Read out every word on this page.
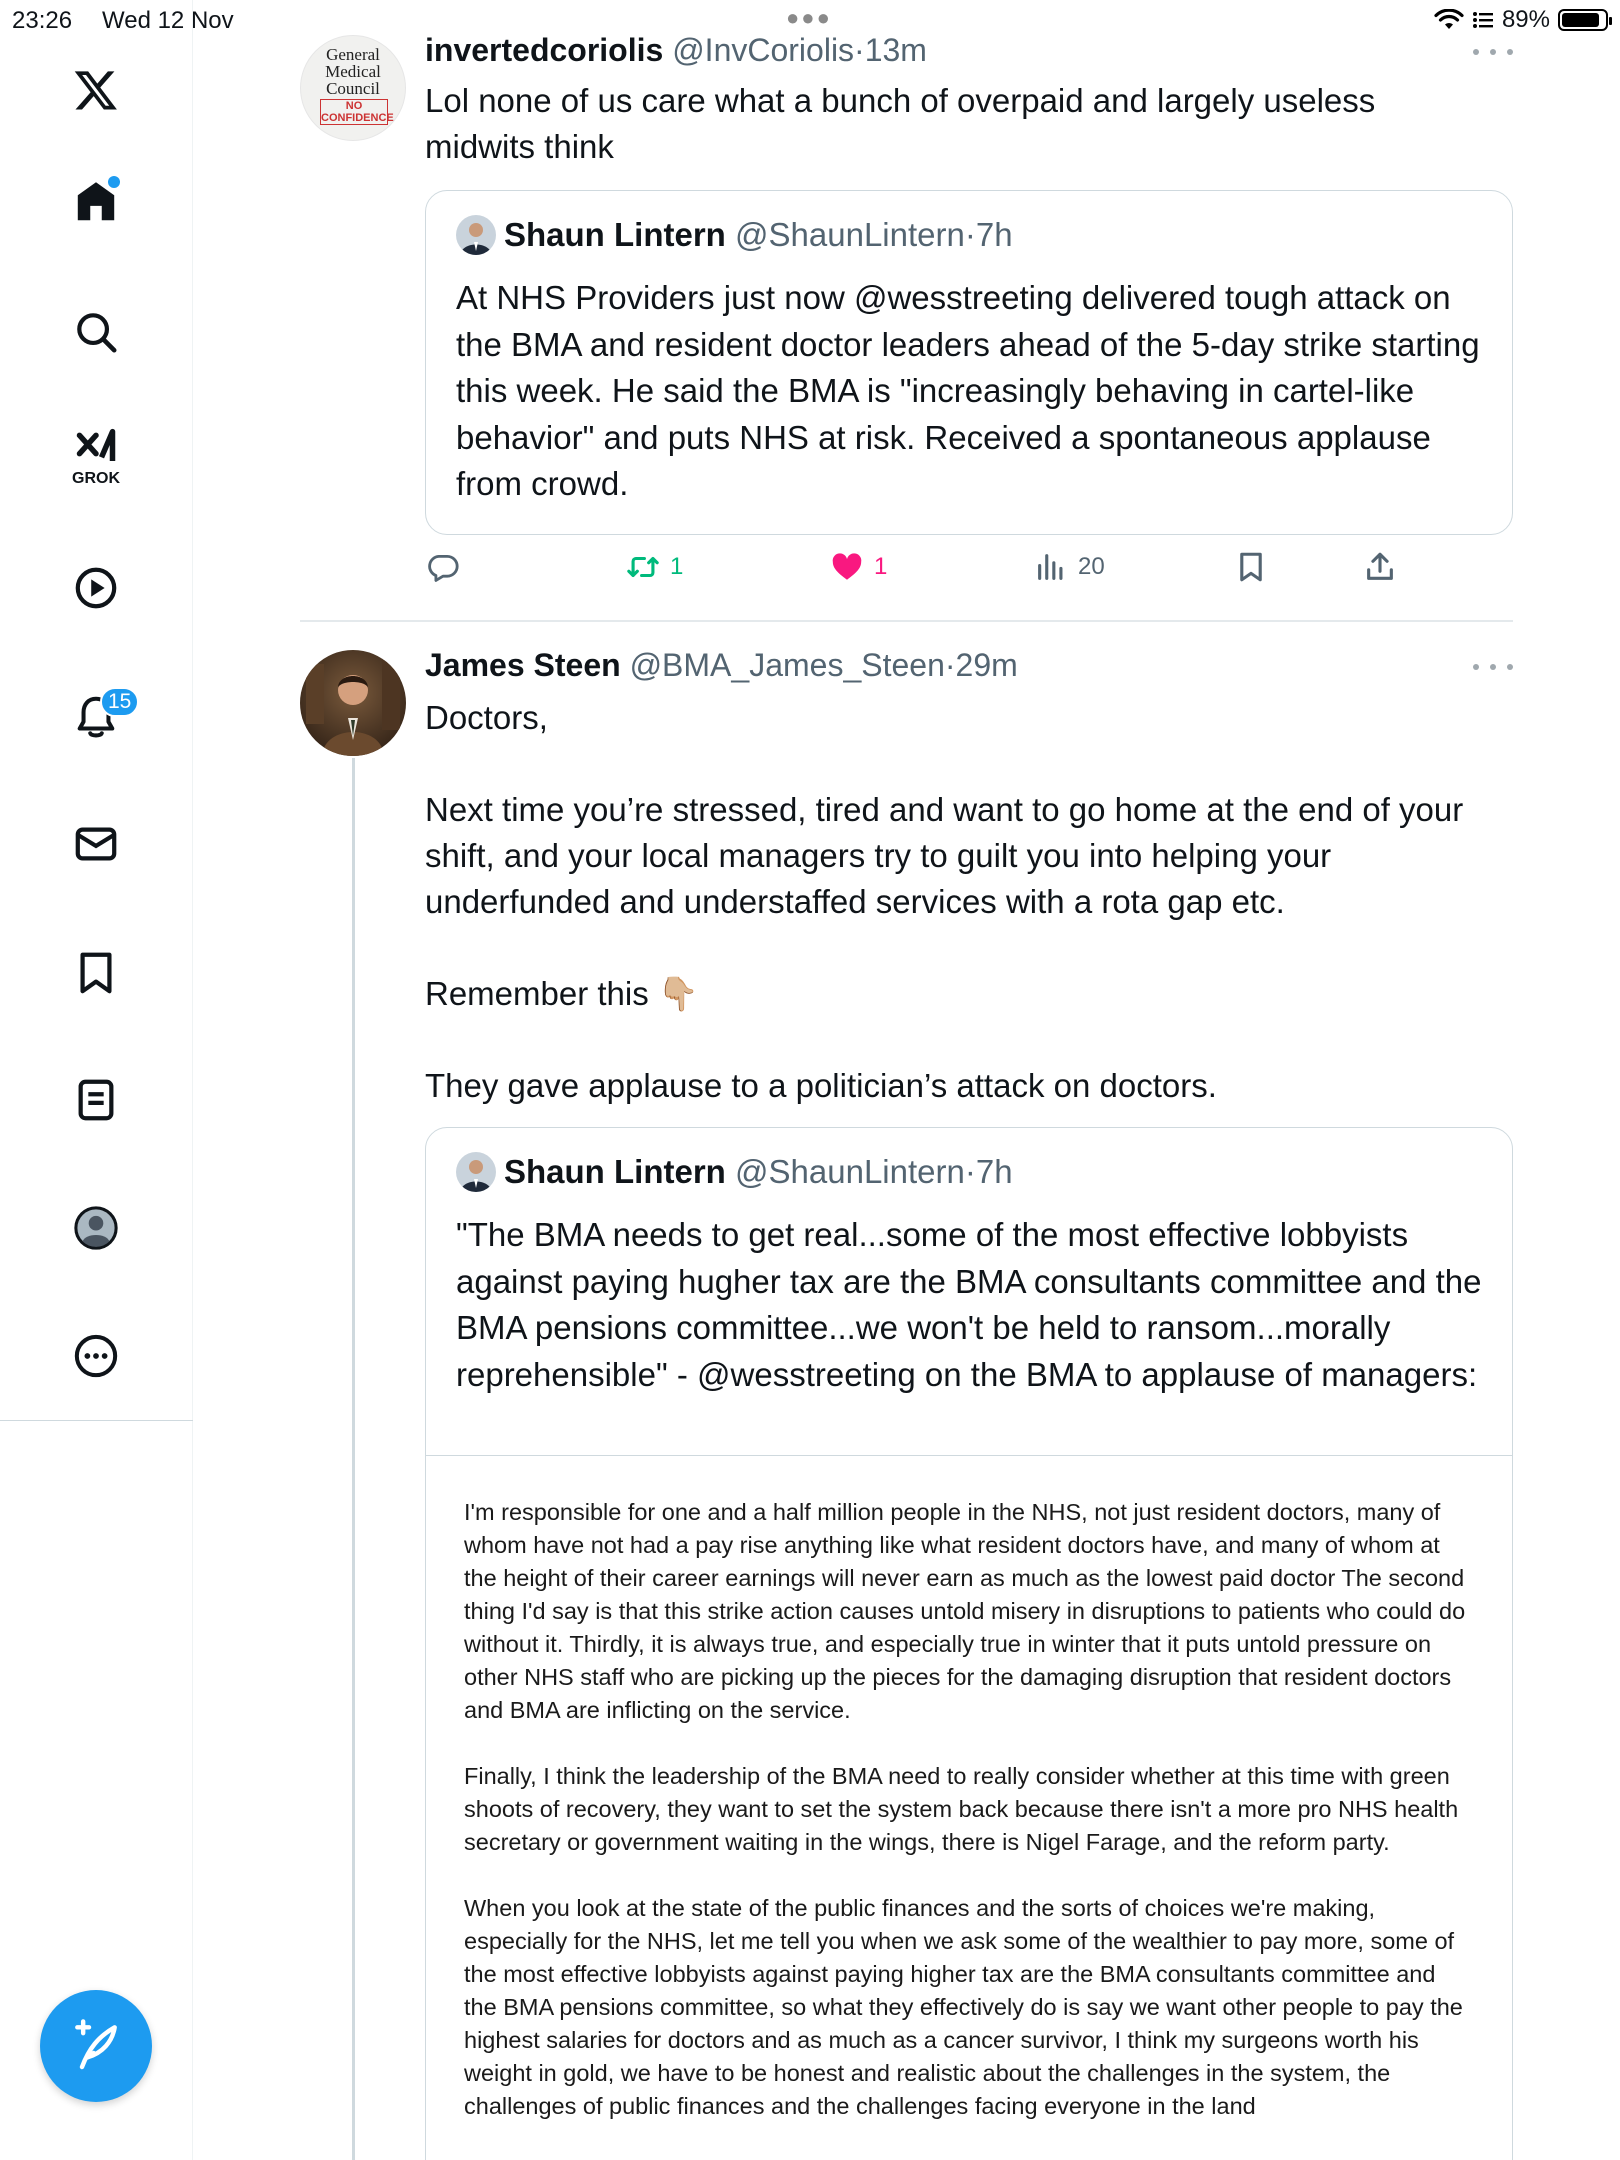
23:26 Wed 12 Nov	●●●	89%
GROK
15
General
Medical
Council
NO
CONFIDENCE
invertedcoriolis @InvCoriolis·13m
Lol none of us care what a bunch of overpaid and largely useless midwits think
Shaun Lintern
@ShaunLintern · 7h
At NHS Providers just now @wesstreeting delivered tough attack on the BMA and resident doctor leaders ahead of the 5-day strike starting this week. He said the BMA is "increasingly behaving in cartel-like behavior" and puts NHS at risk. Received a spontaneous applause from crowd.
1	1	20
James Steen @BMA_James_Steen·29m
Doctors,
Next time you’re stressed, tired and want to go home at the end of your shift, and your local managers try to guilt you into helping your underfunded and understaffed services with a rota gap etc.
Remember this 👇🏼
They gave applause to a politician’s attack on doctors.
Shaun Lintern
@ShaunLintern · 7h
"The BMA needs to get real...some of the most effective lobbyists against paying hugher tax are the BMA consultants committee and the BMA pensions committee...we won't be held to ransom...morally reprehensible" - @wesstreeting on the BMA to applause of managers:

I'm responsible for one and a half million people in the NHS, not just resident doctors, many of whom have not had a pay rise anything like what resident doctors have, and many of whom at the height of their career earnings will never earn as much as the lowest paid doctor The second thing I'd say is that this strike action causes untold misery in disruptions to patients who could do without it. Thirdly, it is always true, and especially true in winter that it puts untold pressure on other NHS staff who are picking up the pieces for the damaging disruption that resident doctors and BMA are inflicting on the service.

Finally, I think the leadership of the BMA need to really consider whether at this time with green shoots of recovery, they want to set the system back because there isn't a more pro NHS health secretary or government waiting in the wings, there is Nigel Farage, and the reform party.

When you look at the state of the public finances and the sorts of choices we're making, especially for the NHS, let me tell you when we ask some of the wealthier to pay more, some of the most effective lobbyists against paying higher tax are the BMA consultants committee and the BMA pensions committee, so what they effectively do is say we want other people to pay the highest salaries for doctors and as much as a cancer survivor, I think my surgeons worth his weight in gold, we have to be honest and realistic about the challenges in the system, the challenges of public finances and the challenges facing everyone in the land
